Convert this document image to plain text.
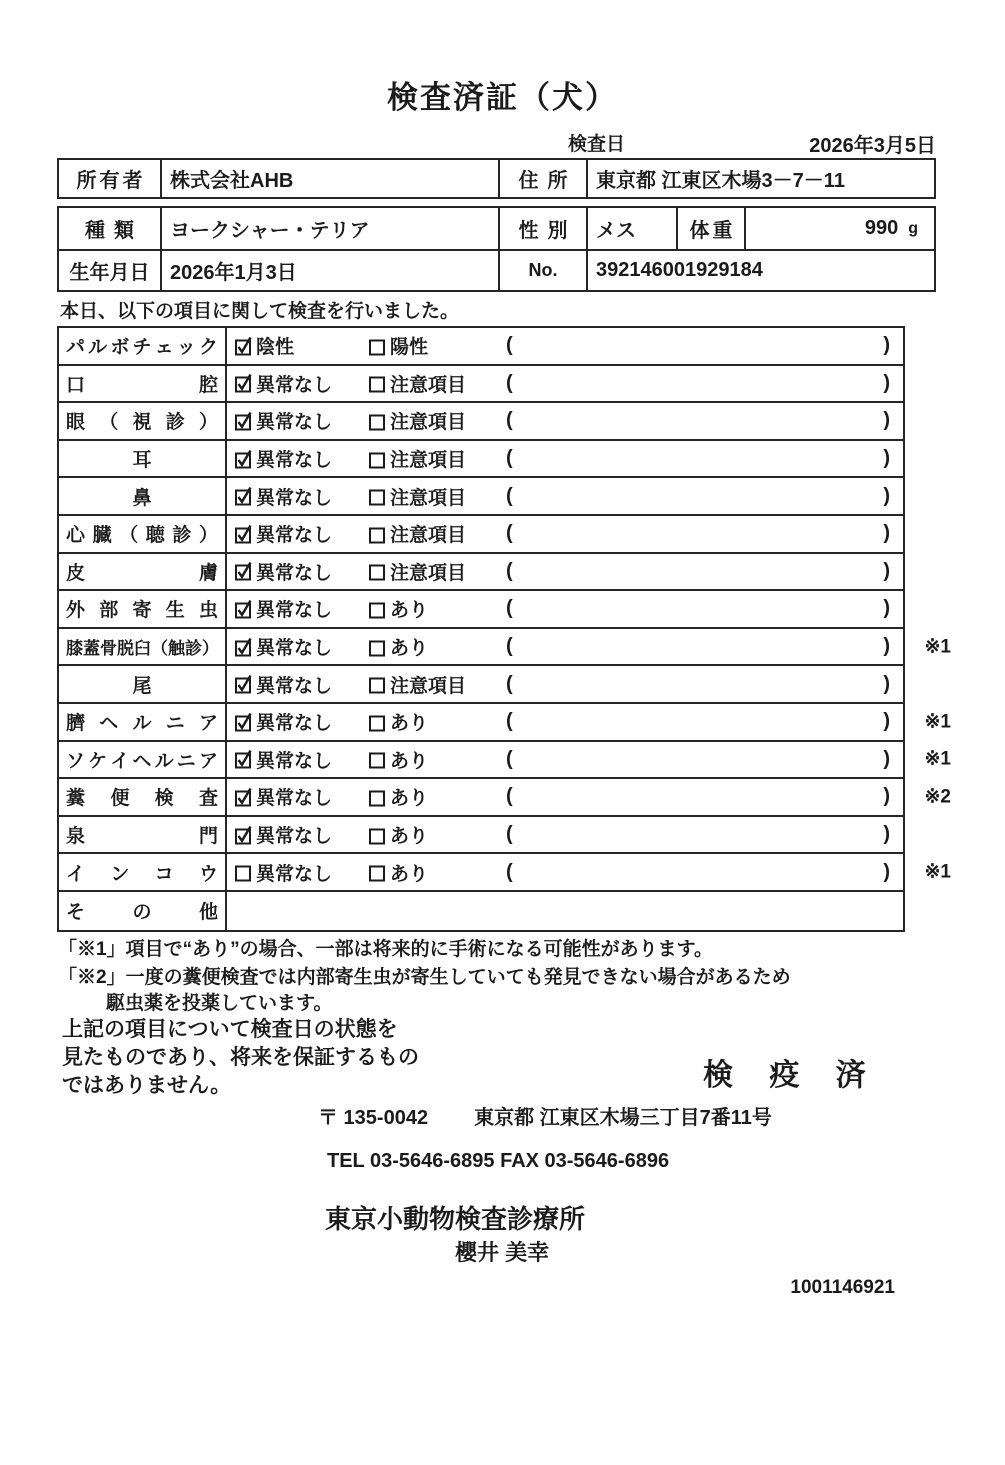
検査済証（犬）
検査日	2026年3月5日
所有者	株式会社AHB	住所 東京都 江東区木場3－7－11
種類	ヨークシャー・テリア	性別 メス	体重	990 g
生年月日	2026年1月3日	No.	392146001929184
本日、以下の項目に関して検査を行いました。
パ ル ボ チ ェ ッ ク 陰性	陽性	(	)
口	腔 異常なし	注意項目 (	)
眼 （ 視 診 ） 異常なし	注意項目 (	)
耳	異常なし	注意項目 (	)
鼻	異常なし	注意項目 (	)
心 臓 （ 聴 診 ） 異常なし	注意項目 (	)
皮	膚 異常なし	注意項目 (	)
外 部 寄 生 虫 異常なし	あり	(	)
膝 蓋 骨 脱 臼 （ 触 診 ） 異常なし	あり	(	) ※1
尾	異常なし	注意項目 (	)
臍 ヘ ル ニ ア 異常なし	あり	(	) ※1
ソ ケ イ ヘ ル ニ ア 異常なし	あり	(	) ※1
糞 便 検 査 異常なし	あり	(	) ※2
泉	門 異常なし	あり	(	)
イ ン コ ウ 異常なし	あり	(	) ※1
そ の 他
「※1」項目で“あり”の場合、一部は将来的に手術になる可能性があります。
「※2」一度の糞便検査では内部寄生虫が寄生していても発見できない場合があるため
駆虫薬を投薬しています。
上記の項目について検査日の状態を
見たものであり、将来を保証するもの
ではありません。	検 疫 済
〒 135-0042 東京都 江東区木場三丁目7番11号
TEL 03-5646-6895 FAX 03-5646-6896
東京小動物検査診療所
櫻井 美幸
1001146921
